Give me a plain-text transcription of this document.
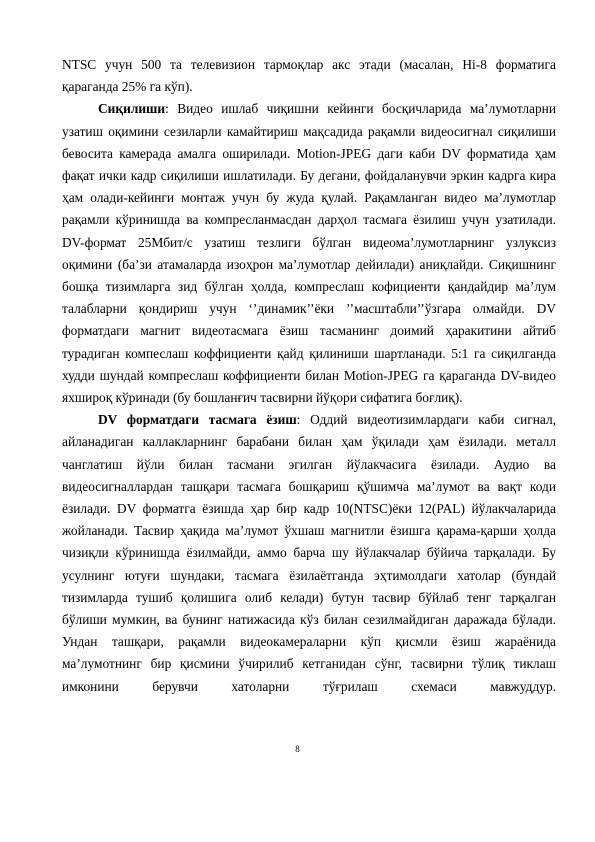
NTSC учун 500 та телевизион тармоқлар акс этади (масалан, Hi-8 форматига қараганда 25% га кўп).

Сиқилиши: Видео ишлаб чиқишни кейинги босқичларида ма’лумотларни узатиш оқимини сезиларли камайтириш мақсадида рақамли видеосигнал сиқилиши бевосита камерада амалга оширилади. Motion-JPEG даги каби DV форматида ҳам фақат ички кадр сиқилиши ишлатилади. Бу дегани, фойдаланувчи эркин кадрга кира ҳам олади-кейинги монтаж учун бу жуда қулай. Рақамланган видео ма’лумотлар рақамли кўринишда ва компресланмасдан дарҳол тасмага ёзилиш учун узатилади. DV-формат 25Мбит/с узатиш тезлиги бўлган видеома’лумотларнинг узлуксиз оқимини (ба’зи атамаларда изоҳрон ма’лумотлар дейилади) аниқлайди. Сиқишнинг бошқа тизимларга зид бўлган ҳолда, компреслаш кофициенти қандайдир ма’лум талабларни қондириш учун ‘’динамик’’ёки ’’масштабли’’ўзгара олмайди. DV форматдаги магнит видеотасмага ёзиш тасманинг доимий ҳаракитини айтиб турадиган компеслаш коффициенти қайд қилиниши шартланади. 5:1 га сиқилганда худди шундай компреслаш коффициенти билан Motion-JPEG га қараганда DV-видео яхшироқ кўринади (бу бошланғич тасвирни йўқори сифатига боғлиқ).

DV форматдаги тасмага ёзиш: Оддий видеотизимлардаги каби сигнал, айланадиган каллакларнинг барабани билан ҳам ўқилади ҳам ёзилади. металл чанглатиш йўли билан тасмани эгилган йўлакчасига ёзилади. Аудио ва видеосигналлардан ташқари тасмага бошқариш қўшимча ма’лумот ва вақт коди ёзилади. DV форматга ёзишда ҳар бир кадр 10(NTSC)ёки 12(PAL) йўлакчаларида жойланади. Тасвир ҳақида ма’лумот ўхшаш магнитли ёзишга қарама-қарши ҳолда чизиқли кўринишда ёзилмайди, аммо барча шу йўлакчалар бўйича тарқалади. Бу усулнинг ютуғи шундаки, тасмага ёзилаётганда эҳтимолдаги хатолар (бундай тизимларда тушиб қолишига олиб келади) бутун тасвир бўйлаб тенг тарқалган бўлиши мумкин, ва бунинг натижасида кўз билан сезилмайдиган даражада бўлади. Ундан ташқари, рақамли видеокамераларни кўп қисмли ёзиш жараёнида ма’лумотнинг бир қисмини ўчирилиб кетганидан сўнг, тасвирни тўлиқ тиклаш имконини берувчи хатоларни тўғрилаш схемаси мавжуддур.

8
